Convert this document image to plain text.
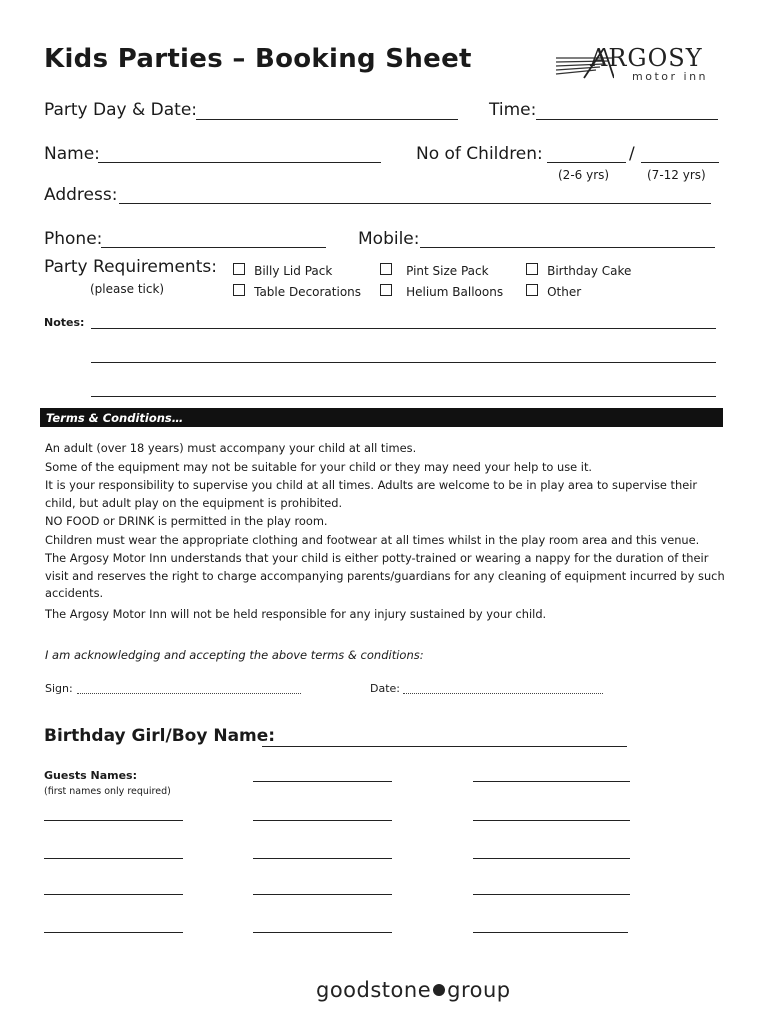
Kids Parties – Booking Sheet	ARGOSY
motor inn
Party Day & Date:	Time:
Name:	No of Children:	/
(2-6 yrs)	(7-12 yrs)
Address:
Phone:	Mobile:
Party Requirements:
(please tick)
Billy Lid Pack	Pint Size Pack	Birthday Cake
Table Decorations	Helium Balloons	Other
Notes:
Terms & Conditions…

An adult (over 18 years) must accompany your child at all times.

Some of the equipment may not be suitable for your child or they may need your help to use it.

It is your responsibility to supervise you child at all times. Adults are welcome to be in play area to supervise their child, but adult play on the equipment is prohibited.

NO FOOD or DRINK is permitted in the play room.

Children must wear the appropriate clothing and footwear at all times whilst in the play room area and this venue.

The Argosy Motor Inn understands that your child is either potty-trained or wearing a nappy for the duration of their visit and reserves the right to charge accompanying parents/guardians for any cleaning of equipment incurred by such accidents.

The Argosy Motor Inn will not be held responsible for any injury sustained by your child.

I am acknowledging and accepting the above terms & conditions:
Sign:	Date:
Birthday Girl/Boy Name:
Guests Names:
(first names only required)
goodstone group
